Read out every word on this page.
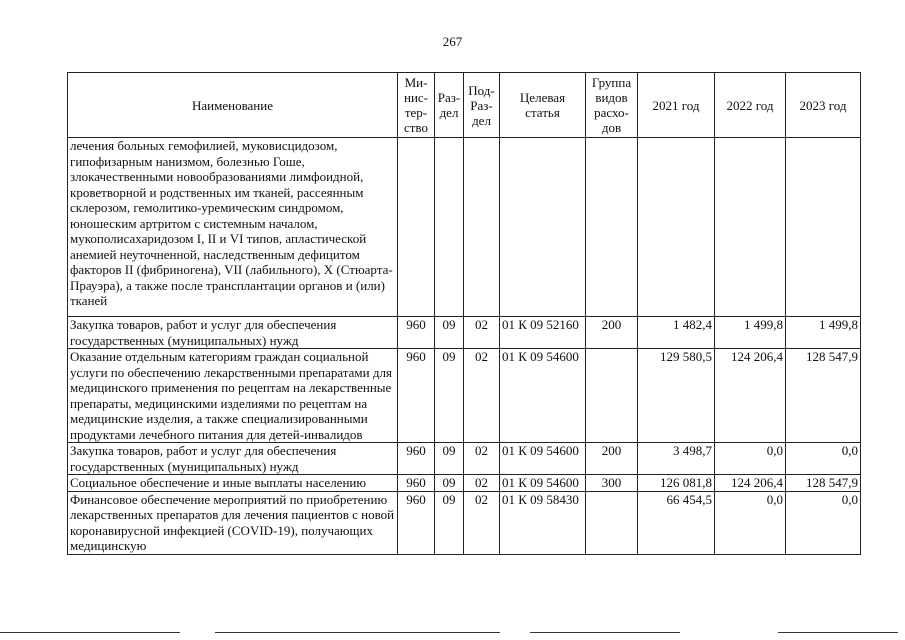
267
Наименование	Ми-нис-тер-ство	Раз-дел	Под-Раз-дел	Целевая статья	Группа видов расхо-дов	2021 год	2022 год	2023 год
лечения больных гемофилией, муковисцидозом, гипофизарным нанизмом, болезнью Гоше, злокачественными новообразованиями лимфоидной, кроветворной и родственных им тканей, рассеянным склерозом, гемолитико-уремическим синдромом, юношеским артритом с системным началом, мукополисахаридозом I, II и VI типов, апластической анемией неуточненной, наследственным дефицитом факторов II (фибриногена), VII (лабильного), X (Стюарта-Прауэра), а также после трансплантации органов и (или) тканей								
Закупка товаров, работ и услуг для обеспечения государственных (муниципальных) нужд	960	09	02	01 К 09 52160	200	1 482,4	1 499,8	1 499,8
Оказание отдельным категориям граждан социальной услуги по обеспечению лекарственными препаратами для медицинского применения по рецептам на лекарственные препараты, медицинскими изделиями по рецептам на медицинские изделия, а также специализированными продуктами лечебного питания для детей-инвалидов	960	09	02	01 К 09 54600		129 580,5	124 206,4	128 547,9
Закупка товаров, работ и услуг для обеспечения государственных (муниципальных) нужд	960	09	02	01 К 09 54600	200	3 498,7	0,0	0,0
Социальное обеспечение и иные выплаты населению	960	09	02	01 К 09 54600	300	126 081,8	124 206,4	128 547,9
Финансовое обеспечение мероприятий по приобретению лекарственных препаратов для лечения пациентов с новой коронавирусной инфекцией (COVID-19), получающих медицинскую	960	09	02	01 К 09 58430		66 454,5	0,0	0,0
